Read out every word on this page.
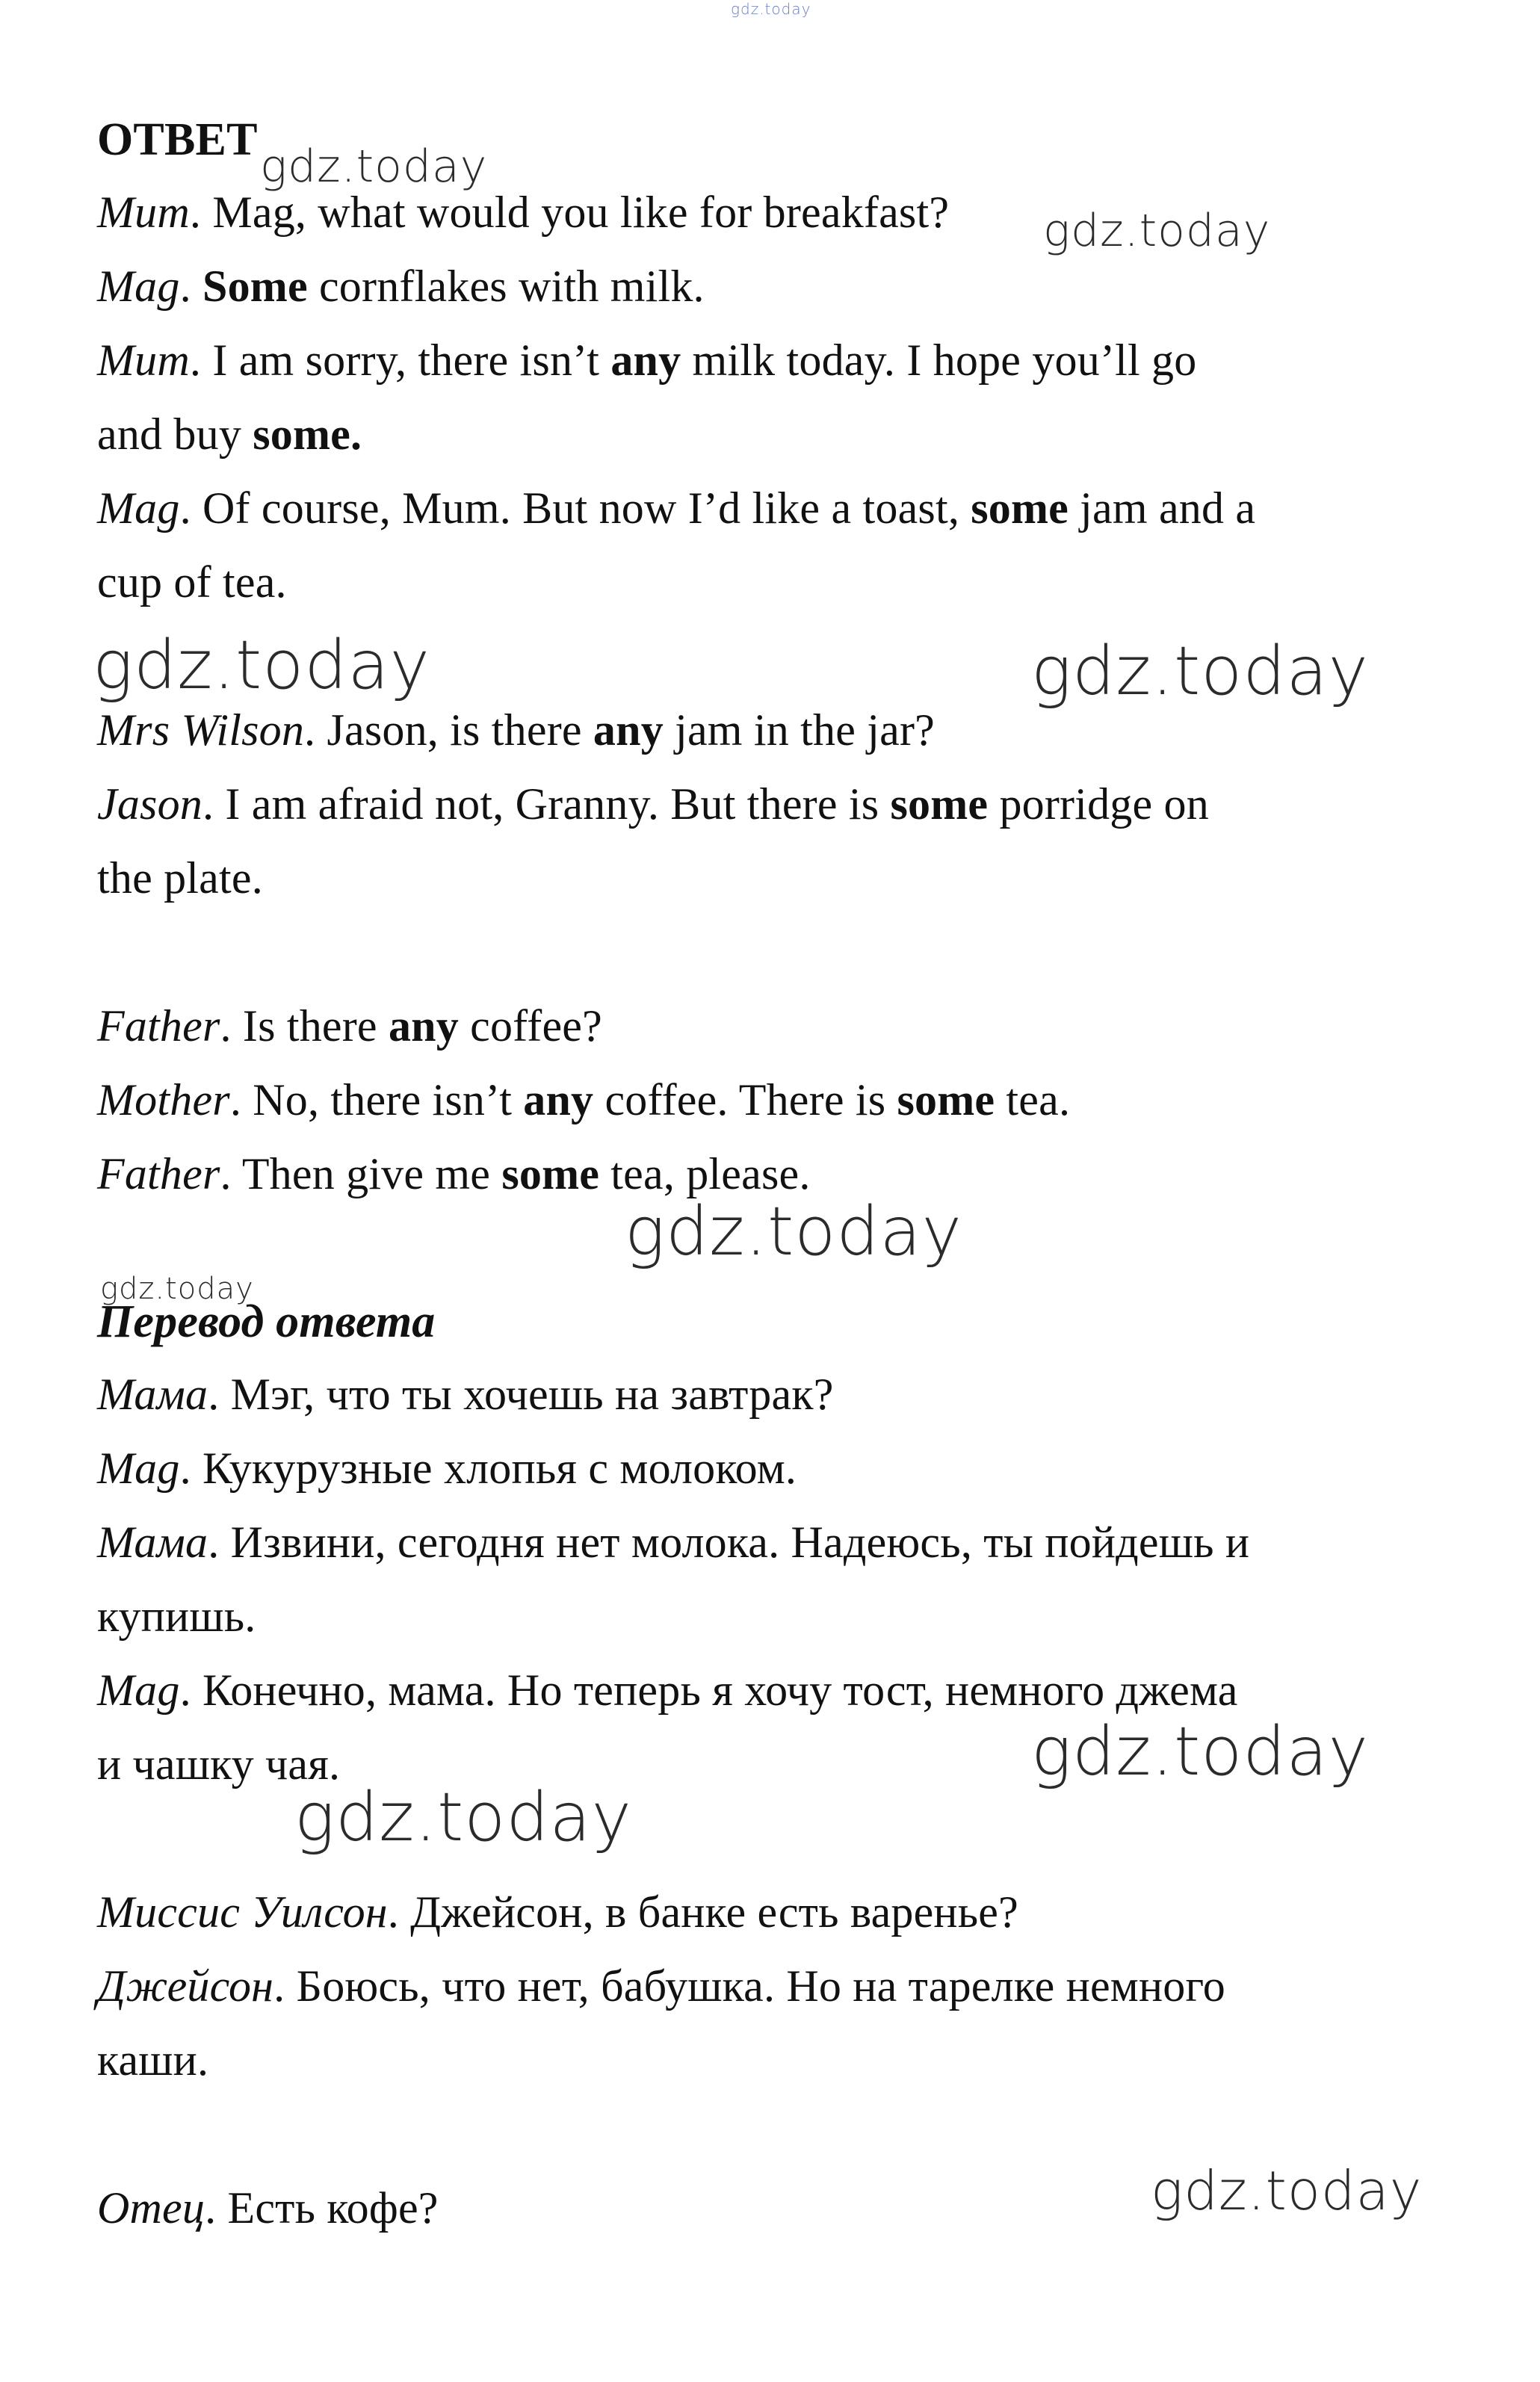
gdz.today
gdz.today
gdz.today
gdz.today	gdz.today
gdz.today
gdz.today
gdz.today
gdz.today
gdz.today
ОТВЕТ
Mum. Mag, what would you like for breakfast?
Mag. Some cornflakes with milk.
Mum. I am sorry, there isn’t any milk today. I hope you’ll go
and buy some.
Mag. Of course, Mum. But now I’d like a toast, some jam and a
cup of tea.
Mrs Wilson. Jason, is there any jam in the jar?
Jason. I am afraid not, Granny. But there is some porridge on
the plate.
Father. Is there any coffee?
Mother. No, there isn’t any coffee. There is some tea.
Father. Then give me some tea, please.
Перевод ответа
Мама. Мэг, что ты хочешь на завтрак?
Mag. Кукурузные хлопья с молоком.
Мама. Извини, сегодня нет молока. Надеюсь, ты пойдешь и
купишь.
Mag. Конечно, мама. Но теперь я хочу тост, немного джема
и чашку чая.
Миссис Уилсон. Джейсон, в банке есть варенье?
Джейсон. Боюсь, что нет, бабушка. Но на тарелке немного
каши.
Отец. Есть кофе?
